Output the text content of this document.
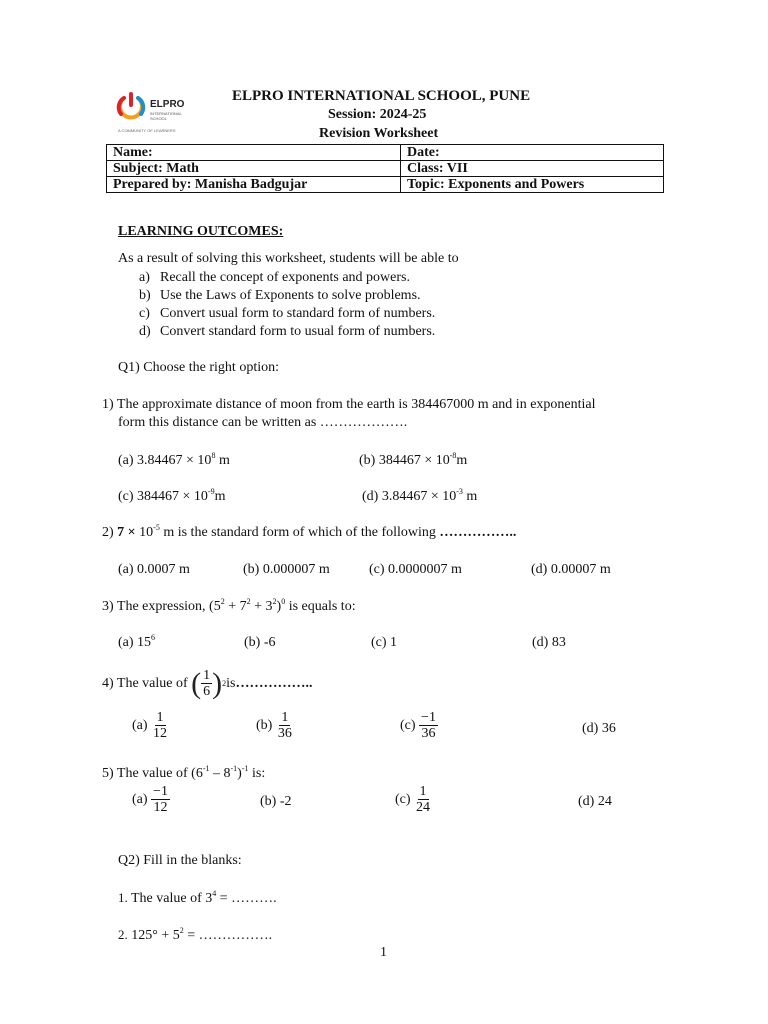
ELPRO
INTERNATIONAL SCHOOL
A COMMUNITY OF LEARNERS
ELPRO INTERNATIONAL SCHOOL, PUNE
Session: 2024-25
Revision Worksheet
Name:	Date:
Subject: Math	Class: VII
Prepared by: Manisha Badgujar	Topic: Exponents and Powers
LEARNING OUTCOMES:
As a result of solving this worksheet, students will be able to
a) Recall the concept of exponents and powers.
b) Use the Laws of Exponents to solve problems.
c) Convert usual form to standard form of numbers.
d) Convert standard form to usual form of numbers.
Q1) Choose the right option:
1) The approximate distance of moon from the earth is 384467000 m and in exponential
form this distance can be written as ……………….
(a) $3.84467 \times 10^8$ m	(b) $384467 \times 10^{-8}m$
(c) $384467 \times 10^{-9}m$	(d) $3.84467 \times 10^{-3}$ m
2) $7 \times 10^{-5}$ m is the standard form of which of the following ……………..
(a) 0.0007 m	(b) 0.000007 m	(c) 0.0000007 m	(d) 0.00007 m
3) The expression, $(5^2 + 7^2 + 3^2)^0$ is equals to:
(a) $15^6$	(b) -6	(c) 1	(d) 83
4) The value of
( $\frac{1}{6}$ ) 2 is ……………..
(a)
$\frac{1}{12}$	(b)
$\frac{1}{36}$	(c)
$\frac{-1}{36}$	(d) 36
5) The value of $(6^{-1} - 8^{-1})^{-1}$ is:
(a)
$\frac{-1}{12}$	(b) -2	(c)
$\frac{1}{24}$	(d) 24
Q2) Fill in the blanks:
1. The value of $3^4$ = ……….
2. $125^\circ + 5^2$ = …………….
1
